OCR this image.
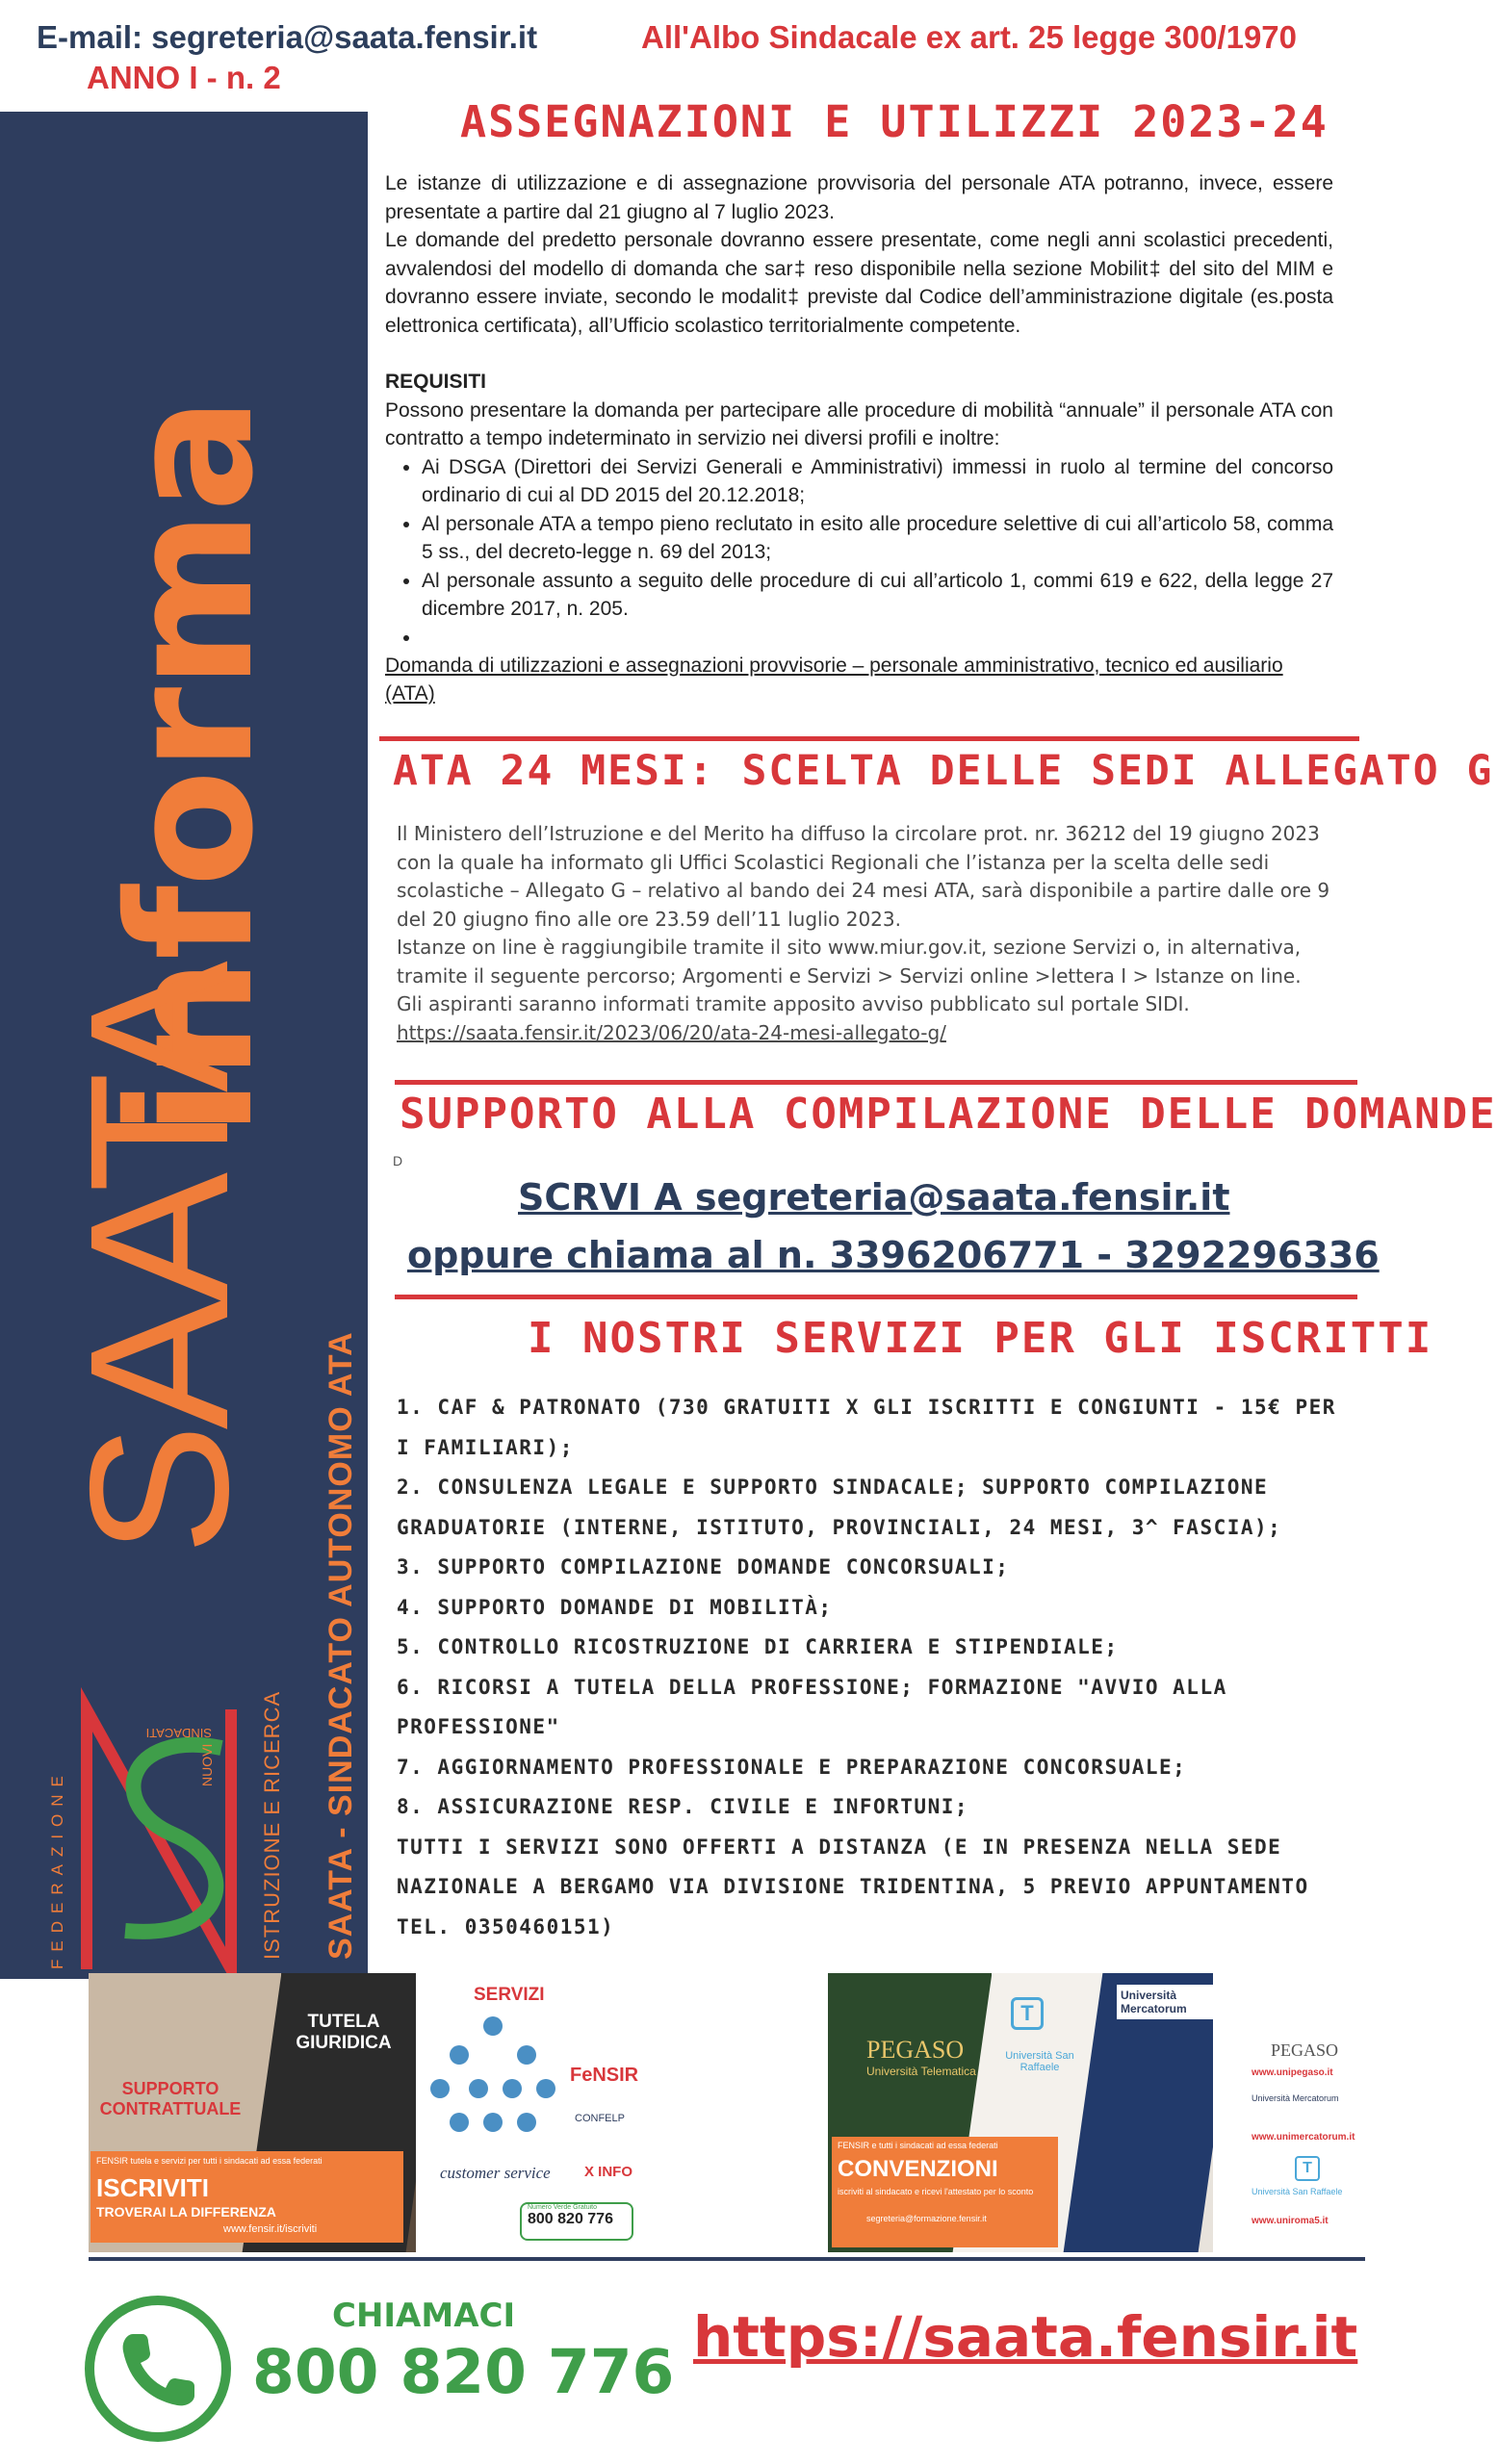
E-mail: segreteria@saata.fensir.it	All'Albo Sindacale ex art. 25 legge 300/1970
ANNO I - n. 2
informa
SAATA
SAATA - SINDACATO AUTONOMO ATA
ISTRUZIONE E RICERCA
FEDERAZIONE
NUOVI
SINDACATI
ASSEGNAZIONI E UTILIZZI 2023-24

Le istanze di utilizzazione e di assegnazione provvisoria del personale ATA potranno, invece, essere presentate a partire dal 21 giugno al 7 luglio 2023.

Le domande del predetto personale dovranno essere presentate, come negli anni scolastici precedenti, avvalendosi del modello di domanda che sar‡ reso disponibile nella sezione Mobilit‡ del sito del MIM e dovranno essere inviate, secondo le modalit‡ previste dal Codice dell’amministrazione digitale (es.posta elettronica certificata), all’Ufficio scolastico territorialmente competente.

REQUISITI

Possono presentare la domanda per partecipare alle procedure di mobilità “annuale” il personale ATA con contratto a tempo indeterminato in servizio nei diversi profili e inoltre:

• Ai DSGA (Direttori dei Servizi Generali e Amministrativi) immessi in ruolo al termine del concorso ordinario di cui al DD 2015 del 20.12.2018;
• Al personale ATA a tempo pieno reclutato in esito alle procedure selettive di cui all’articolo 58, comma 5 ss., del decreto-legge n. 69 del 2013;
• Al personale assunto a seguito delle procedure di cui all’articolo 1, commi 619 e 622, della legge 27 dicembre 2017, n. 205.
•

Domanda di utilizzazioni e assegnazioni provvisorie – personale amministrativo, tecnico ed ausiliario (ATA)

ATA 24 MESI: SCELTA DELLE SEDI ALLEGATO G

Il Ministero dell’Istruzione e del Merito ha diffuso la circolare prot. nr. 36212 del 19 giugno 2023 con la quale ha informato gli Uffici Scolastici Regionali che l’istanza per la scelta delle sedi scolastiche – Allegato G – relativo al bando dei 24 mesi ATA, sarà disponibile a partire dalle ore 9 del 20 giugno fino alle ore 23.59 dell’11 luglio 2023.

Istanze on line è raggiungibile tramite il sito www.miur.gov.it, sezione Servizi o, in alternativa, tramite il seguente percorso; Argomenti e Servizi > Servizi online >lettera I > Istanze on line.

Gli aspiranti saranno informati tramite apposito avviso pubblicato sul portale SIDI.

https://saata.fensir.it/2023/06/20/ata-24-mesi-allegato-g/

SUPPORTO ALLA COMPILAZIONE DELLE DOMANDE
D
SCRVI A segreteria@saata.fensir.it
oppure chiama al n. 3396206771 - 3292296336
I NOSTRI SERVIZI PER GLI ISCRITTI
1. CAF & PATRONATO (730 GRATUITI X GLI ISCRITTI E CONGIUNTI - 15€ PER I FAMILIARI);
2. CONSULENZA LEGALE E SUPPORTO SINDACALE; SUPPORTO COMPILAZIONE GRADUATORIE (INTERNE, ISTITUTO, PROVINCIALI, 24 MESI, 3^ FASCIA);
3. SUPPORTO COMPILAZIONE DOMANDE CONCORSUALI;
4. SUPPORTO DOMANDE DI MOBILITÀ;
5. CONTROLLO RICOSTRUZIONE DI CARRIERA E STIPENDIALE;
6. RICORSI A TUTELA DELLA PROFESSIONE; FORMAZIONE "AVVIO ALLA PROFESSIONE"
7. AGGIORNAMENTO PROFESSIONALE E PREPARAZIONE CONCORSUALE;
8. ASSICURAZIONE RESP. CIVILE E INFORTUNI;
TUTTI I SERVIZI SONO OFFERTI A DISTANZA (E IN PRESENZA NELLA SEDE NAZIONALE A BERGAMO VIA DIVISIONE TRIDENTINA, 5 PREVIO APPUNTAMENTO TEL. 0350460151)
TUTELA GIURIDICA
SUPPORTO CONTRATTUALE
SERVIZI
customer service
FeNSIR
CONFELP
X INFO
FENSIR tutela e servizi per tutti i sindacati ad essa federati
ISCRIVITI
TROVERAI LA DIFFERENZA
www.fensir.it/iscriviti
Numero Verde Gratuito
800 820 776
PEGASO
Università Telematica
T
Università San Raffaele
Università Mercatorum
FENSIR e tutti i sindacati ad essa federati
CONVENZIONI
iscriviti al sindacato e ricevi l'attestato per lo sconto
segreteria@formazione.fensir.it
PEGASO
www.unipegaso.it
Università Mercatorum
www.unimercatorum.it
T
Università San Raffaele
www.uniroma5.it
CHIAMACI
800 820 776 https://saata.fensir.it
